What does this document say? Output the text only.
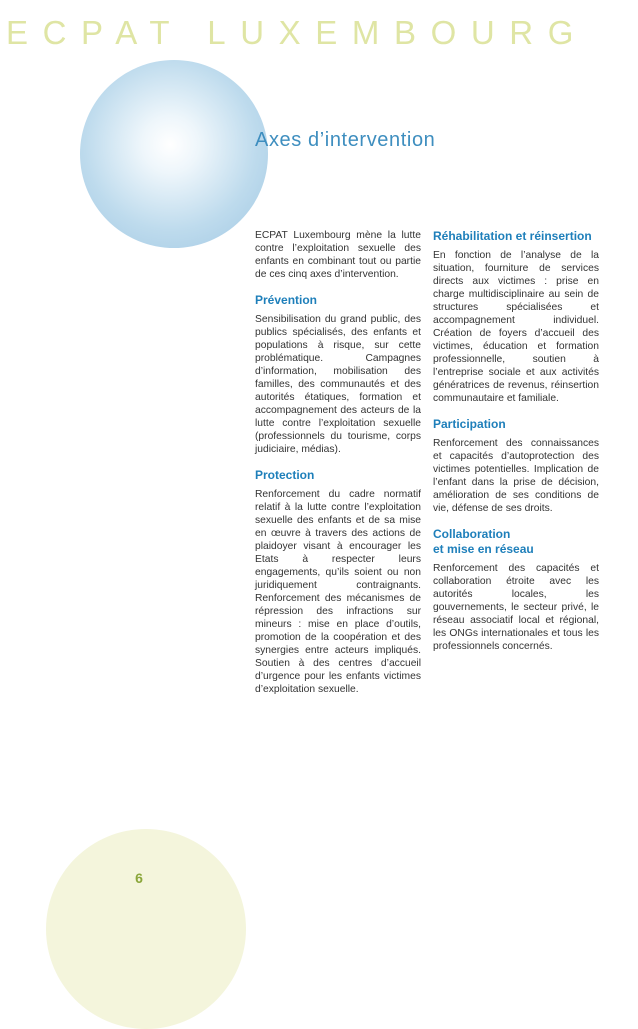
ECPAT LUXEMBOURG
6
Axes d’intervention

ECPAT Luxembourg mène la lutte contre l’exploitation sexuelle des enfants en combinant tout ou partie de ces cinq axes d’intervention.

Prévention

Sensibilisation du grand public, des publics spécialisés, des enfants et populations à risque, sur cette problématique. Campagnes d’information, mobilisation des familles, des communautés et des autorités étatiques, formation et accompagnement des acteurs de la lutte contre l’exploitation sexuelle (professionnels du tourisme, corps judiciaire, médias).

Protection

Renforcement du cadre normatif relatif à la lutte contre l’exploitation sexuelle des enfants et de sa mise en œuvre à travers des actions de plaidoyer visant à encourager les Etats à respecter leurs engagements, qu’ils soient ou non juridiquement contraignants. Renforcement des mécanismes de répression des infractions sur mineurs : mise en place d’outils, promotion de la coopération et des synergies entre acteurs impliqués. Soutien à des centres d’accueil d’urgence pour les enfants victimes d’exploitation sexuelle.

Réhabilitation et réinsertion

En fonction de l’analyse de la situation, fourniture de services directs aux victimes : prise en charge multidisciplinaire au sein de structures spécialisées et accompagnement individuel. Création de foyers d’accueil des victimes, éducation et formation professionnelle, soutien à l’entreprise sociale et aux activités génératrices de revenus, réinsertion communautaire et familiale.

Participation

Renforcement des connaissances et capacités d’autoprotection des victimes potentielles. Implication de l’enfant dans la prise de décision, amélioration de ses conditions de vie, défense de ses droits.

Collaboration
et mise en réseau

Renforcement des capacités et collaboration étroite avec les autorités locales, les gouvernements, le secteur privé, le réseau associatif local et régional, les ONGs internationales et tous les professionnels concernés.
